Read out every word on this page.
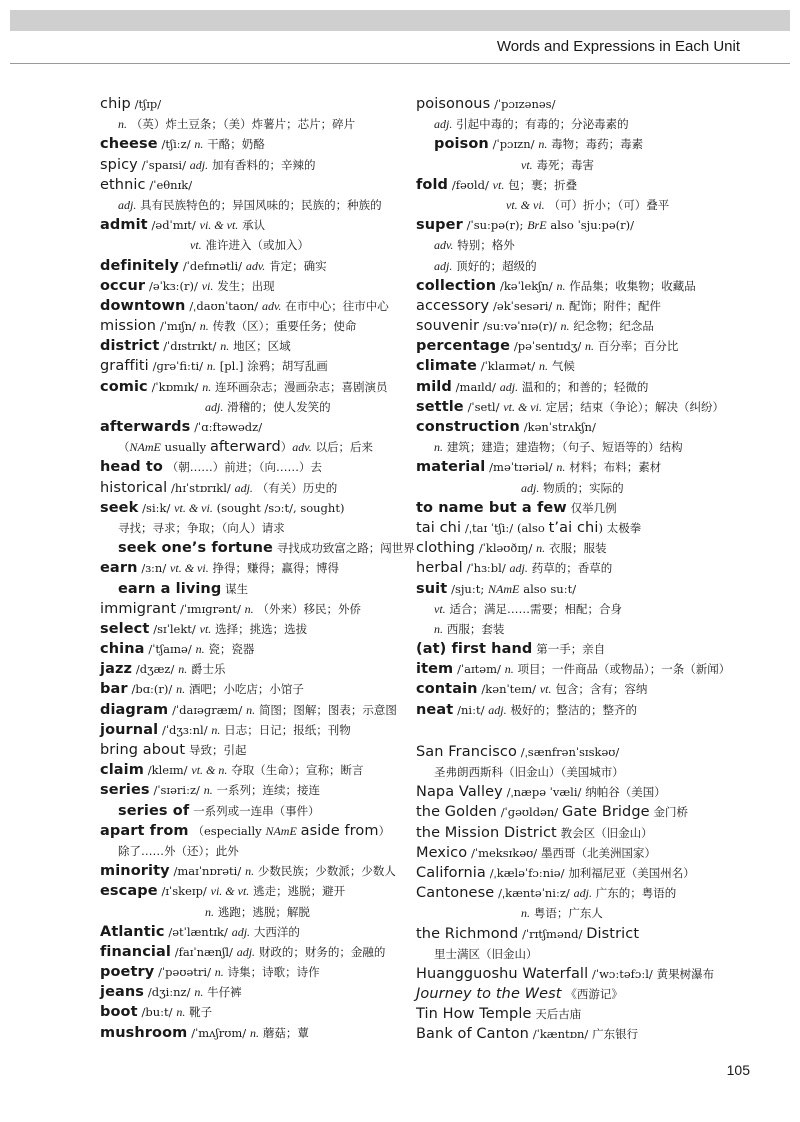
Words and Expressions in Each Unit
chip /tʃɪp/
n. （英）炸土豆条；（美）炸薯片；芯片；碎片
cheese /tʃiːz/ n. 干酪；奶酪
spicy /ˈspaɪsi/ adj. 加有香料的；辛辣的
ethnic /ˈeθnɪk/
adj. 具有民族特色的；异国风味的；民族的；种族的
admit /ədˈmɪt/ vi. & vt. 承认
vt. 准许进入（或加入）
definitely /ˈdefɪnətli/ adv. 肯定；确实
occur /əˈkɜː(r)/ vi. 发生；出现
downtown /ˌdaʊnˈtaʊn/ adv. 在市中心；往市中心
mission /ˈmɪʃn/ n. 传教（区）；重要任务；使命
district /ˈdɪstrɪkt/ n. 地区；区域
graffiti /ɡrəˈfiːti/ n. [pl.] 涂鸦；胡写乱画
comic /ˈkɒmɪk/ n. 连环画杂志；漫画杂志；喜剧演员
adj. 滑稽的；使人发笑的
afterwards /ˈɑːftəwədz/
（NAmE usually afterward）adv. 以后；后来
head to （朝……）前进；（向……）去
historical /hɪˈstɒrɪkl/ adj. （有关）历史的
seek /siːk/ vt. & vi. (sought /sɔːt/, sought)
寻找；寻求；争取；（向人）请求
seek one’s fortune 寻找成功致富之路；闯世界
earn /ɜːn/ vt. & vi. 挣得；赚得；赢得；博得
earn a living 谋生
immigrant /ˈɪmɪɡrənt/ n. （外来）移民；外侨
select /sɪˈlekt/ vt. 选择；挑选；选拔
china /ˈtʃaɪnə/ n. 瓷；瓷器
jazz /dʒæz/ n. 爵士乐
bar /bɑː(r)/ n. 酒吧；小吃店；小馆子
diagram /ˈdaɪəɡræm/ n. 简图；图解；图表；示意图
journal /ˈdʒɜːnl/ n. 日志；日记；报纸；刊物
bring about 导致；引起
claim /kleɪm/ vt. & n. 夺取（生命）；宣称；断言
series /ˈsɪəriːz/ n. 一系列；连续；接连
series of 一系列或一连串（事件）
apart from （especially NAmE aside from）
除了……外（还）；此外
minority /maɪˈnɒrəti/ n. 少数民族；少数派；少数人
escape /ɪˈskeɪp/ vi. & vt. 逃走；逃脱；避开
n. 逃跑；逃脱；解脱
Atlantic /ətˈlæntɪk/ adj. 大西洋的
financial /faɪˈnænʃl/ adj. 财政的；财务的；金融的
poetry /ˈpəʊətri/ n. 诗集；诗歌；诗作
jeans /dʒiːnz/ n. 牛仔裤
boot /buːt/ n. 靴子
mushroom /ˈmʌʃrʊm/ n. 蘑菇；蕈
poisonous /ˈpɔɪzənəs/
adj. 引起中毒的；有毒的；分泌毒素的
poison /ˈpɔɪzn/ n. 毒物；毒药；毒素
vt. 毒死；毒害
fold /fəʊld/ vt. 包；裹；折叠
vt. & vi. （可）折小；（可）叠平
super /ˈsuːpə(r); BrE also ˈsjuːpə(r)/
adv. 特别；格外
adj. 顶好的；超级的
collection /kəˈlekʃn/ n. 作品集；收集物；收藏品
accessory /əkˈsesəri/ n. 配饰；附件；配件
souvenir /suːvəˈnɪə(r)/ n. 纪念物；纪念品
percentage /pəˈsentɪdʒ/ n. 百分率；百分比
climate /ˈklaɪmət/ n. 气候
mild /maɪld/ adj. 温和的；和善的；轻微的
settle /ˈsetl/ vt. & vi. 定居；结束（争论）；解决（纠纷）
construction /kənˈstrʌkʃn/
n. 建筑；建造；建造物；（句子、短语等的）结构
material /məˈtɪəriəl/ n. 材料；布料；素材
adj. 物质的；实际的
to name but a few 仅举几例
tai chi /ˌtaɪ ˈtʃiː/ (also t’ai chi) 太极拳
clothing /ˈkləʊðɪŋ/ n. 衣服；服装
herbal /ˈhɜːbl/ adj. 药草的；香草的
suit /sjuːt; NAmE also suːt/
vt. 适合；满足……需要；相配；合身
n. 西服；套装
(at) first hand 第一手；亲自
item /ˈaɪtəm/ n. 项目；一件商品（或物品）；一条（新闻）
contain /kənˈteɪn/ vt. 包含；含有；容纳
neat /niːt/ adj. 极好的；整洁的；整齐的
San Francisco /ˌsænfrənˈsɪskəʊ/
圣弗朗西斯科（旧金山）（美国城市）
Napa Valley /ˌnæpə ˈvæli/ 纳帕谷（美国）
the Golden /ˈɡəʊldən/ Gate Bridge 金门桥
the Mission District 教会区（旧金山）
Mexico /ˈmeksɪkəʊ/ 墨西哥（北美洲国家）
California /ˌkæləˈfɔːniə/ 加利福尼亚（美国州名）
Cantonese /ˌkæntəˈniːz/ adj. 广东的；粤语的
n. 粤语；广东人
the Richmond /ˈrɪtʃmənd/ District
里士满区（旧金山）
Huangguoshu Waterfall /ˈwɔːtəfɔːl/ 黄果树瀑布
Journey to the West 《西游记》
Tin How Temple 天后古庙
Bank of Canton /ˈkæntɒn/ 广东银行
105
